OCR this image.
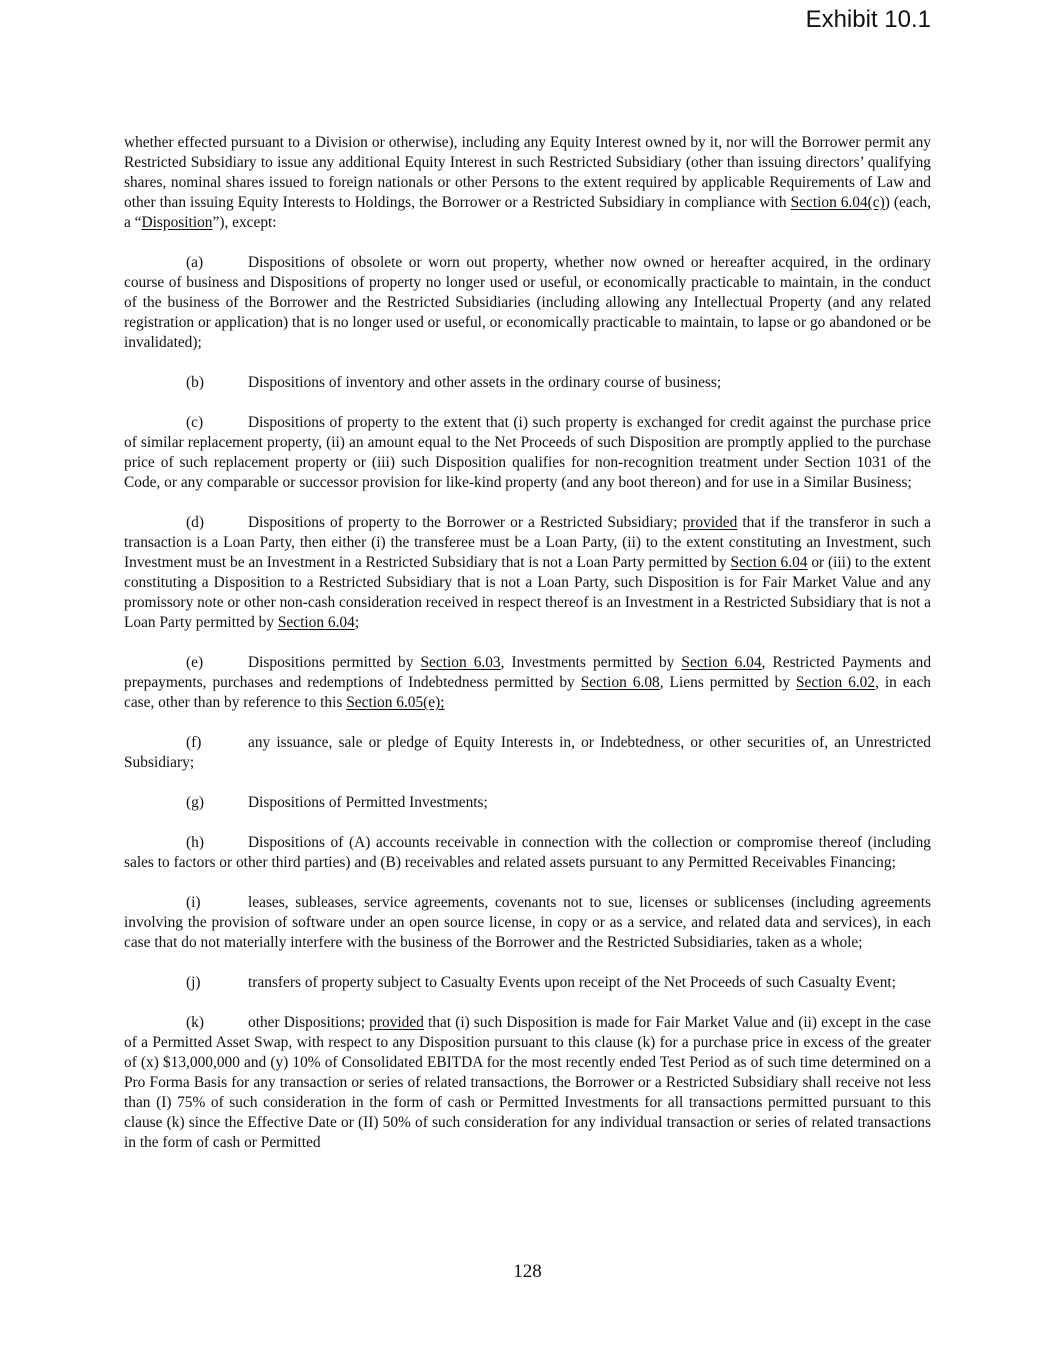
Exhibit 10.1

whether effected pursuant to a Division or otherwise), including any Equity Interest owned by it, nor will the Borrower permit any Restricted Subsidiary to issue any additional Equity Interest in such Restricted Subsidiary (other than issuing directors’ qualifying shares, nominal shares issued to foreign nationals or other Persons to the extent required by applicable Requirements of Law and other than issuing Equity Interests to Holdings, the Borrower or a Restricted Subsidiary in compliance with Section 6.04(c)) (each, a “Disposition”), except:

(a)	Dispositions of obsolete or worn out property, whether now owned or hereafter acquired, in the ordinary course of business and Dispositions of property no longer used or useful, or economically practicable to maintain, in the conduct of the business of the Borrower and the Restricted Subsidiaries (including allowing any Intellectual Property (and any related registration or application) that is no longer used or useful, or economically practicable to maintain, to lapse or go abandoned or be invalidated);

(b)	Dispositions of inventory and other assets in the ordinary course of business;

(c)	Dispositions of property to the extent that (i) such property is exchanged for credit against the purchase price of similar replacement property, (ii) an amount equal to the Net Proceeds of such Disposition are promptly applied to the purchase price of such replacement property or (iii) such Disposition qualifies for non-recognition treatment under Section 1031 of the Code, or any comparable or successor provision for like-kind property (and any boot thereon) and for use in a Similar Business;

(d)	Dispositions of property to the Borrower or a Restricted Subsidiary; provided that if the transferor in such a transaction is a Loan Party, then either (i) the transferee must be a Loan Party, (ii) to the extent constituting an Investment, such Investment must be an Investment in a Restricted Subsidiary that is not a Loan Party permitted by Section 6.04 or (iii) to the extent constituting a Disposition to a Restricted Subsidiary that is not a Loan Party, such Disposition is for Fair Market Value and any promissory note or other non-cash consideration received in respect thereof is an Investment in a Restricted Subsidiary that is not a Loan Party permitted by Section 6.04;

(e)	Dispositions permitted by Section 6.03, Investments permitted by Section 6.04, Restricted Payments and prepayments, purchases and redemptions of Indebtedness permitted by Section 6.08, Liens permitted by Section 6.02, in each case, other than by reference to this Section 6.05(e);

(f)	any issuance, sale or pledge of Equity Interests in, or Indebtedness, or other securities of, an Unrestricted Subsidiary;

(g)	Dispositions of Permitted Investments;

(h)	Dispositions of (A) accounts receivable in connection with the collection or compromise thereof (including sales to factors or other third parties) and (B) receivables and related assets pursuant to any Permitted Receivables Financing;

(i)	leases, subleases, service agreements, covenants not to sue, licenses or sublicenses (including agreements involving the provision of software under an open source license, in copy or as a service, and related data and services), in each case that do not materially interfere with the business of the Borrower and the Restricted Subsidiaries, taken as a whole;

(j)	transfers of property subject to Casualty Events upon receipt of the Net Proceeds of such Casualty Event;

(k)	other Dispositions; provided that (i) such Disposition is made for Fair Market Value and (ii) except in the case of a Permitted Asset Swap, with respect to any Disposition pursuant to this clause (k) for a purchase price in excess of the greater of (x) $13,000,000 and (y) 10% of Consolidated EBITDA for the most recently ended Test Period as of such time determined on a Pro Forma Basis for any transaction or series of related transactions, the Borrower or a Restricted Subsidiary shall receive not less than (I) 75% of such consideration in the form of cash or Permitted Investments for all transactions permitted pursuant to this clause (k) since the Effective Date or (II) 50% of such consideration for any individual transaction or series of related transactions in the form of cash or Permitted

128
